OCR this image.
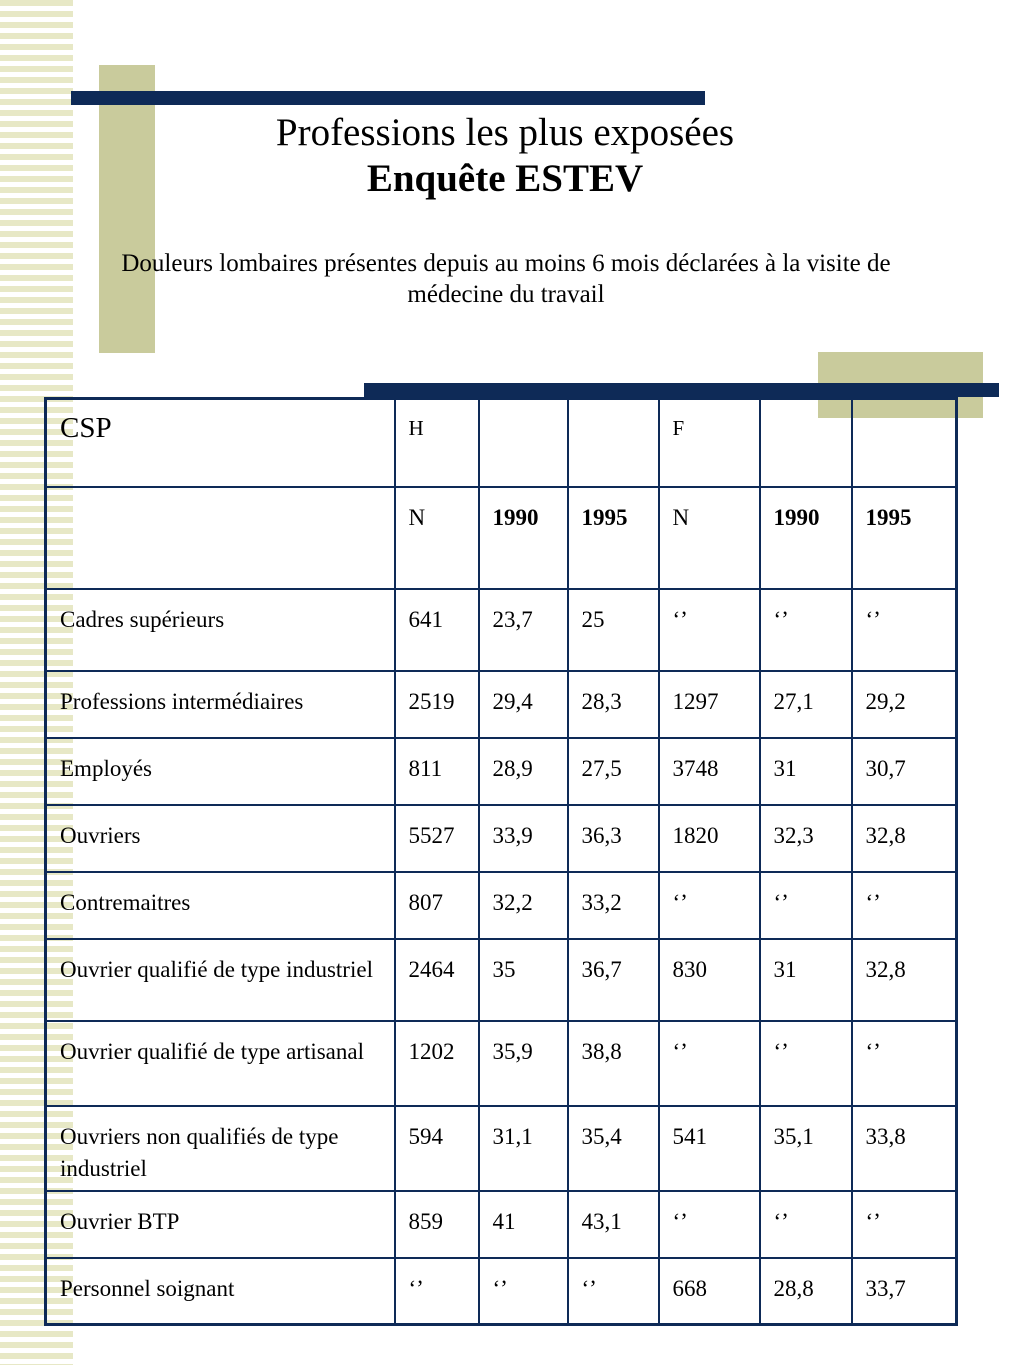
Professions les plus exposées
Enquête ESTEV
Douleurs lombaires présentes depuis au moins 6 mois déclarées à la visite de médecine du travail
CSP	H			F		
	N	1990	1995	N	1990	1995
Cadres supérieurs	641	23,7	25	‘’	‘’	‘’
Professions intermédiaires	2519	29,4	28,3	1297	27,1	29,2
Employés	811	28,9	27,5	3748	31	30,7
Ouvriers	5527	33,9	36,3	1820	32,3	32,8
Contremaitres	807	32,2	33,2	‘’	‘’	‘’
Ouvrier qualifié de type industriel	2464	35	36,7	830	31	32,8
Ouvrier qualifié de type artisanal	1202	35,9	38,8	‘’	‘’	‘’
Ouvriers non qualifiés de type industriel	594	31,1	35,4	541	35,1	33,8
Ouvrier BTP	859	41	43,1	‘’	‘’	‘’
Personnel soignant	‘’	‘’	‘’	668	28,8	33,7
